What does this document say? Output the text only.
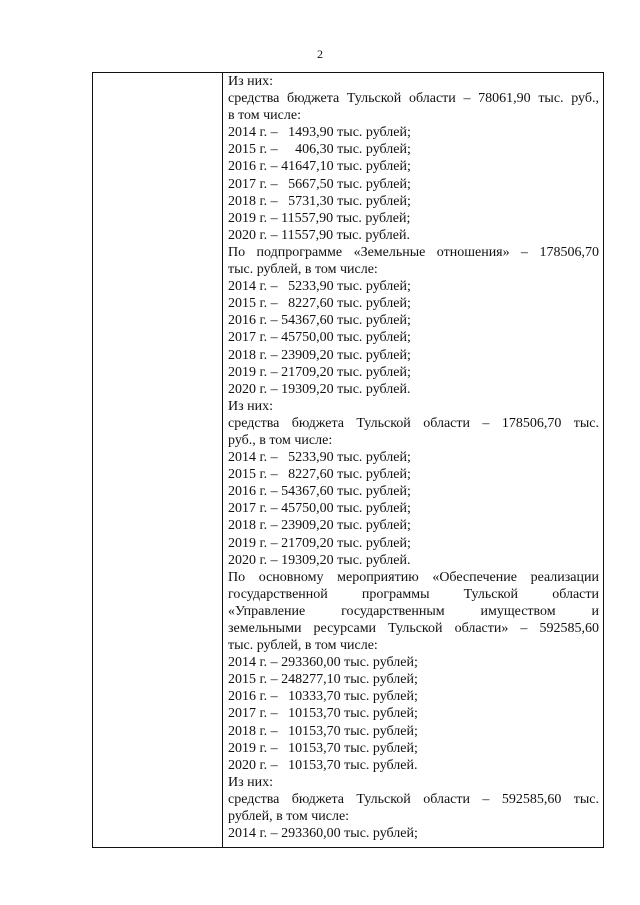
2
Из них:
средства бюджета Тульской области – 78061,90 тыс. руб.,
в том числе:
2014 г. –   1493,90 тыс. рублей;
2015 г. –     406,30 тыс. рублей;
2016 г. – 41647,10 тыс. рублей;
2017 г. –   5667,50 тыс. рублей;
2018 г. –   5731,30 тыс. рублей;
2019 г. – 11557,90 тыс. рублей;
2020 г. – 11557,90 тыс. рублей.
По подпрограмме «Земельные отношения» – 178506,70
тыс. рублей, в том числе:
2014 г. –   5233,90 тыс. рублей;
2015 г. –   8227,60 тыс. рублей;
2016 г. – 54367,60 тыс. рублей;
2017 г. – 45750,00 тыс. рублей;
2018 г. – 23909,20 тыс. рублей;
2019 г. – 21709,20 тыс. рублей;
2020 г. – 19309,20 тыс. рублей.
Из них:
средства бюджета Тульской области – 178506,70 тыс.
руб., в том числе:
2014 г. –   5233,90 тыс. рублей;
2015 г. –   8227,60 тыс. рублей;
2016 г. – 54367,60 тыс. рублей;
2017 г. – 45750,00 тыс. рублей;
2018 г. – 23909,20 тыс. рублей;
2019 г. – 21709,20 тыс. рублей;
2020 г. – 19309,20 тыс. рублей.
По основному мероприятию «Обеспечение реализации
государственной программы Тульской области
«Управление государственным имуществом и
земельными ресурсами Тульской области» – 592585,60
тыс. рублей, в том числе:
2014 г. – 293360,00 тыс. рублей;
2015 г. – 248277,10 тыс. рублей;
2016 г. –   10333,70 тыс. рублей;
2017 г. –   10153,70 тыс. рублей;
2018 г. –   10153,70 тыс. рублей;
2019 г. –   10153,70 тыс. рублей;
2020 г. –   10153,70 тыс. рублей.
Из них:
средства бюджета Тульской области – 592585,60 тыс.
рублей, в том числе:
2014 г. – 293360,00 тыс. рублей;
